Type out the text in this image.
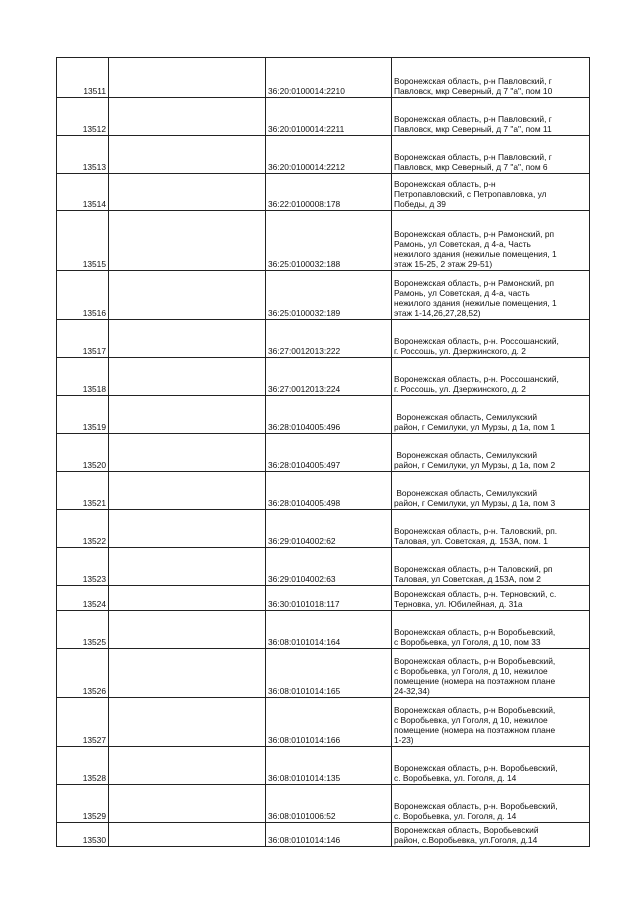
13511		36:20:0100014:2210	Воронежская область, р-н Павловский, г
Павловск, мкр Северный, д 7 "а", пом 10
13512		36:20:0100014:2211	Воронежская область, р-н Павловский, г
Павловск, мкр Северный, д 7 "а", пом 11
13513		36:20:0100014:2212	Воронежская область, р-н Павловский, г
Павловск, мкр Северный, д 7 "а", пом 6
13514		36:22:0100008:178	Воронежская область, р-н
Петропавловский, с Петропавловка, ул
Победы, д 39
13515		36:25:0100032:188	Воронежская область, р-н Рамонский, рп
Рамонь, ул Советская, д 4-а, Часть
нежилого здания (нежилые помещения, 1
этаж 15-25, 2 этаж 29-51)
13516		36:25:0100032:189	Воронежская область, р-н Рамонский, рп
Рамонь, ул Советская, д 4-а, часть
нежилого здания (нежилые помещения, 1
этаж 1-14,26,27,28,52)
13517		36:27:0012013:222	Воронежская область, р-н. Россошанский,
г. Россошь, ул. Дзержинского, д. 2
13518		36:27:0012013:224	Воронежская область, р-н. Россошанский,
г. Россошь, ул. Дзержинского, д. 2
13519		36:28:0104005:496	Воронежская область, Семилукский
район, г Семилуки, ул Мурзы, д 1а, пом 1
13520		36:28:0104005:497	Воронежская область, Семилукский
район, г Семилуки, ул Мурзы, д 1а, пом 2
13521		36:28:0104005:498	Воронежская область, Семилукский
район, г Семилуки, ул Мурзы, д 1а, пом 3
13522		36:29:0104002:62	Воронежская область, р-н. Таловский, рп.
Таловая, ул. Советская, д. 153А, пом. 1
13523		36:29:0104002:63	Воронежская область, р-н Таловский, рп
Таловая, ул Советская, д 153А, пом 2
13524		36:30:0101018:117	Воронежская область, р-н. Терновский, с.
Терновка, ул. Юбилейная, д. 31а
13525		36:08:0101014:164	Воронежская область, р-н Воробьевский,
с Воробьевка, ул Гоголя, д 10, пом 33
13526		36:08:0101014:165	Воронежская область, р-н Воробьевский,
с Воробьевка, ул Гоголя, д 10, нежилое
помещение (номера на поэтажном плане
24-32,34)
13527		36:08:0101014:166	Воронежская область, р-н Воробьевский,
с Воробьевка, ул Гоголя, д 10, нежилое
помещение (номера на поэтажном плане
1-23)
13528		36:08:0101014:135	Воронежская область, р-н. Воробьевский,
с. Воробьевка, ул. Гоголя, д. 14
13529		36:08:0101006:52	Воронежская область, р-н. Воробьевский,
с. Воробьевка, ул. Гоголя, д. 14
13530		36:08:0101014:146	Воронежская область, Воробьевский
район, с.Воробьевка, ул.Гоголя, д.14
